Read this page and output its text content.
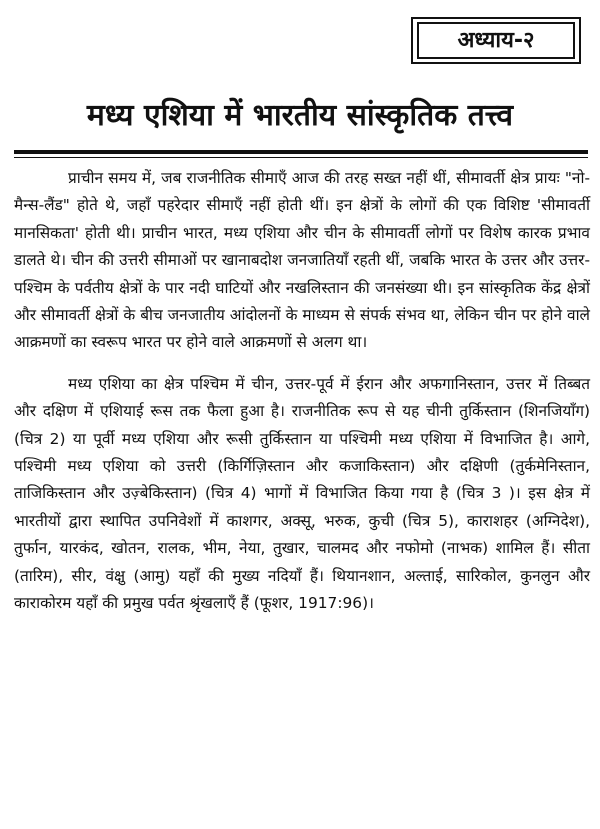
अध्याय-२
मध्य एशिया में भारतीय सांस्कृतिक तत्त्व

प्राचीन समय में, जब राजनीतिक सीमाएँ आज की तरह सख्त नहीं थीं, सीमावर्ती क्षेत्र प्रायः "नो-मैन्स-लैंड" होते थे, जहाँ पहरेदार सीमाएँ नहीं होती थीं। इन क्षेत्रों के लोगों की एक विशिष्ट 'सीमावर्ती मानसिकता' होती थी। प्राचीन भारत, मध्य एशिया और चीन के सीमावर्ती लोगों पर विशेष कारक प्रभाव डालते थे। चीन की उत्तरी सीमाओं पर खानाबदोश जनजातियाँ रहती थीं, जबकि भारत के उत्तर और उत्तर-पश्चिम के पर्वतीय क्षेत्रों के पार नदी घाटियों और नखलिस्तान की जनसंख्या थी। इन सांस्कृतिक केंद्र क्षेत्रों और सीमावर्ती क्षेत्रों के बीच जनजातीय आंदोलनों के माध्यम से संपर्क संभव था, लेकिन चीन पर होने वाले आक्रमणों का स्वरूप भारत पर होने वाले आक्रमणों से अलग था।

मध्य एशिया का क्षेत्र पश्चिम में चीन, उत्तर-पूर्व में ईरान और अफगानिस्तान, उत्तर में तिब्बत और दक्षिण में एशियाई रूस तक फैला हुआ है। राजनीतिक रूप से यह चीनी तुर्किस्तान (शिनजियाँग) (चित्र 2) या पूर्वी मध्य एशिया और रूसी तुर्किस्तान या पश्चिमी मध्य एशिया में विभाजित है। आगे, पश्चिमी मध्य एशिया को उत्तरी (किर्गिज़िस्तान और कजाकिस्तान) और दक्षिणी (तुर्कमेनिस्तान, ताजिकिस्तान और उज़्बेकिस्तान) (चित्र 4) भागों में विभाजित किया गया है (चित्र 3 )। इस क्षेत्र में भारतीयों द्वारा स्थापित उपनिवेशों में काशगर, अक्सू, भरुक, कुची (चित्र 5), काराशहर (अग्निदेश), तुर्फान, यारकंद, खोतन, रालक, भीम, नेया, तुखार, चालमद और नफोमो (नाभक) शामिल हैं। सीता (तारिम), सीर, वंक्षु (आमु) यहाँ की मुख्य नदियाँ हैं। थियानशान, अल्ताई, सारिकोल, कुनलुन और काराकोरम यहाँ की प्रमुख पर्वत श्रृंखलाएँ हैं (फूशर, 1917:96)।
